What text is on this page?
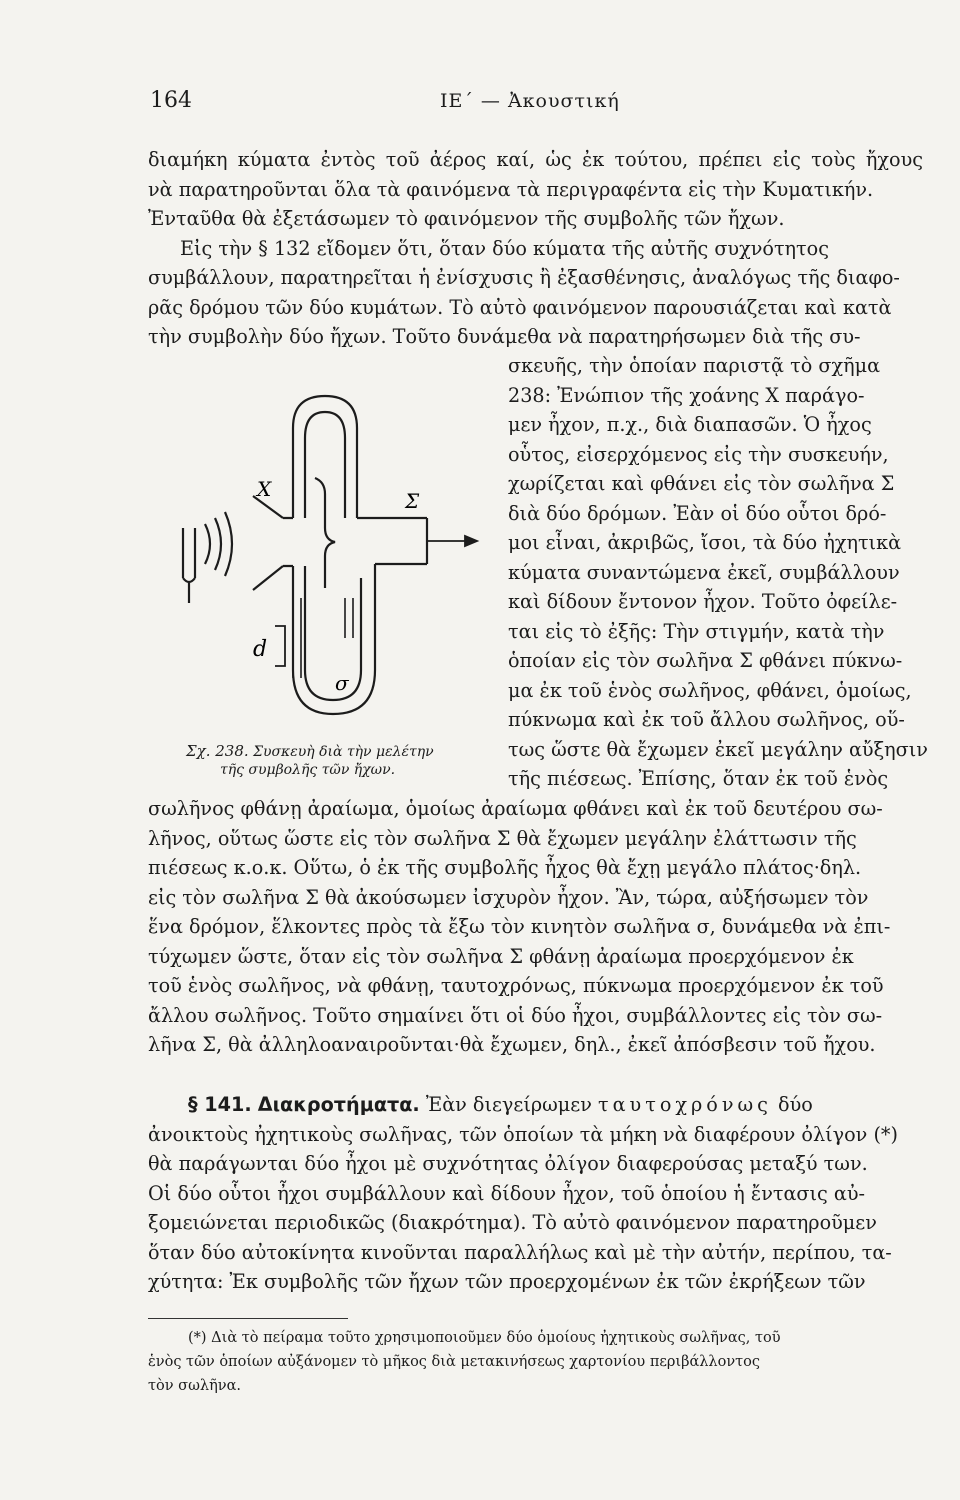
164	ΙΕ΄ — Ἀκουστική
διαμήκη κύματα ἐντὸς τοῦ ἀέρος καί, ὡς ἐκ τούτου, πρέπει εἰς τοὺς ἤχους
νὰ παρατηροῦνται ὅλα τὰ φαινόμενα τὰ περιγραφέντα εἰς τὴν Κυματικήν.
Ἐνταῦθα θὰ ἐξετάσωμεν τὸ φαινόμενον τῆς συμβολῆς τῶν ἤχων.
Εἰς τὴν § 132 εἴδομεν ὅτι, ὅταν δύο κύματα τῆς αὐτῆς συχνότητος
συμβάλλουν, παρατηρεῖται ἡ ἐνίσχυσις ἢ ἐξασθένησις, ἀναλόγως τῆς διαφο-
ρᾶς δρόμου τῶν δύο κυμάτων. Τὸ αὐτὸ φαινόμενον παρουσιάζεται καὶ κατὰ
τὴν συμβολὴν δύο ἤχων. Τοῦτο δυνάμεθα νὰ παρατηρήσωμεν διὰ τῆς συ-
σκευῆς, τὴν ὁποίαν παριστᾷ τὸ σχῆμα
238: Ἐνώπιον τῆς χοάνης Χ παράγο-
μεν ἦχον, π.χ., διὰ διαπασῶν. Ὁ ἦχος
οὗτος, εἰσερχόμενος εἰς τὴν συσκευήν,
χωρίζεται καὶ φθάνει εἰς τὸν σωλῆνα Σ
διὰ δύο δρόμων. Ἐὰν οἱ δύο οὗτοι δρό-
μοι εἶναι, ἀκριβῶς, ἴσοι, τὰ δύο ἠχητικὰ
κύματα συναντώμενα ἐκεῖ, συμβάλλουν
καὶ δίδουν ἔντονον ἦχον. Τοῦτο ὀφείλε-
ται εἰς τὸ ἐξῆς: Τὴν στιγμήν, κατὰ τὴν
ὁποίαν εἰς τὸν σωλῆνα Σ φθάνει πύκνω-
μα ἐκ τοῦ ἑνὸς σωλῆνος, φθάνει, ὁμοίως,
πύκνωμα καὶ ἐκ τοῦ ἄλλου σωλῆνος, οὕ-
τως ὥστε θὰ ἔχωμεν ἐκεῖ μεγάλην αὔξησιν
τῆς πιέσεως. Ἐπίσης, ὅταν ἐκ τοῦ ἑνὸς
Χ	Σ
d
σ
Σχ. 238. Συσκευὴ διὰ τὴν μελέτην
τῆς συμβολῆς τῶν ἤχων.
σωλῆνος φθάνῃ ἀραίωμα, ὁμοίως ἀραίωμα φθάνει καὶ ἐκ τοῦ δευτέρου σω-
λῆνος, οὕτως ὥστε εἰς τὸν σωλῆνα Σ θὰ ἔχωμεν μεγάλην ἐλάττωσιν τῆς
πιέσεως κ.ο.κ. Οὕτω, ὁ ἐκ τῆς συμβολῆς ἦχος θὰ ἔχῃ μεγάλο πλάτος·δηλ.
εἰς τὸν σωλῆνα Σ θὰ ἀκούσωμεν ἰσχυρὸν ἦχον. Ἂν, τώρα, αὐξήσωμεν τὸν
ἕνα δρόμον, ἕλκοντες πρὸς τὰ ἔξω τὸν κινητὸν σωλῆνα σ, δυνάμεθα νὰ ἐπι-
τύχωμεν ὥστε, ὅταν εἰς τὸν σωλῆνα Σ φθάνῃ ἀραίωμα προερχόμενον ἐκ
τοῦ ἑνὸς σωλῆνος, νὰ φθάνῃ, ταυτοχρόνως, πύκνωμα προερχόμενον ἐκ τοῦ
ἄλλου σωλῆνος. Τοῦτο σημαίνει ὅτι οἱ δύο ἦχοι, συμβάλλοντες εἰς τὸν σω-
λῆνα Σ, θὰ ἀλληλοαναιροῦνται·θὰ ἔχωμεν, δηλ., ἐκεῖ ἀπόσβεσιν τοῦ ἤχου.
§ 141. Διακροτήματα. Ἐὰν διεγείρωμεν ταυτοχρόνως δύο
ἀνοικτοὺς ἠχητικοὺς σωλῆνας, τῶν ὁποίων τὰ μήκη νὰ διαφέρουν ὀλίγον (*)
θὰ παράγωνται δύο ἦχοι μὲ συχνότητας ὀλίγον διαφερούσας μεταξύ των.
Οἱ δύο οὗτοι ἦχοι συμβάλλουν καὶ δίδουν ἦχον, τοῦ ὁποίου ἡ ἔντασις αὐ-
ξομειώνεται περιοδικῶς (διακρότημα). Τὸ αὐτὸ φαινόμενον παρατηροῦμεν
ὅταν δύο αὐτοκίνητα κινοῦνται παραλλήλως καὶ μὲ τὴν αὐτήν, περίπου, τα-
χύτητα: Ἐκ συμβολῆς τῶν ἤχων τῶν προερχομένων ἐκ τῶν ἐκρήξεων τῶν
(*) Διὰ τὸ πείραμα τοῦτο χρησιμοποιοῦμεν δύο ὁμοίους ἠχητικοὺς σωλῆνας, τοῦ
ἑνὸς τῶν ὁποίων αὐξάνομεν τὸ μῆκος διὰ μετακινήσεως χαρτονίου περιβάλλοντος
τὸν σωλῆνα.
